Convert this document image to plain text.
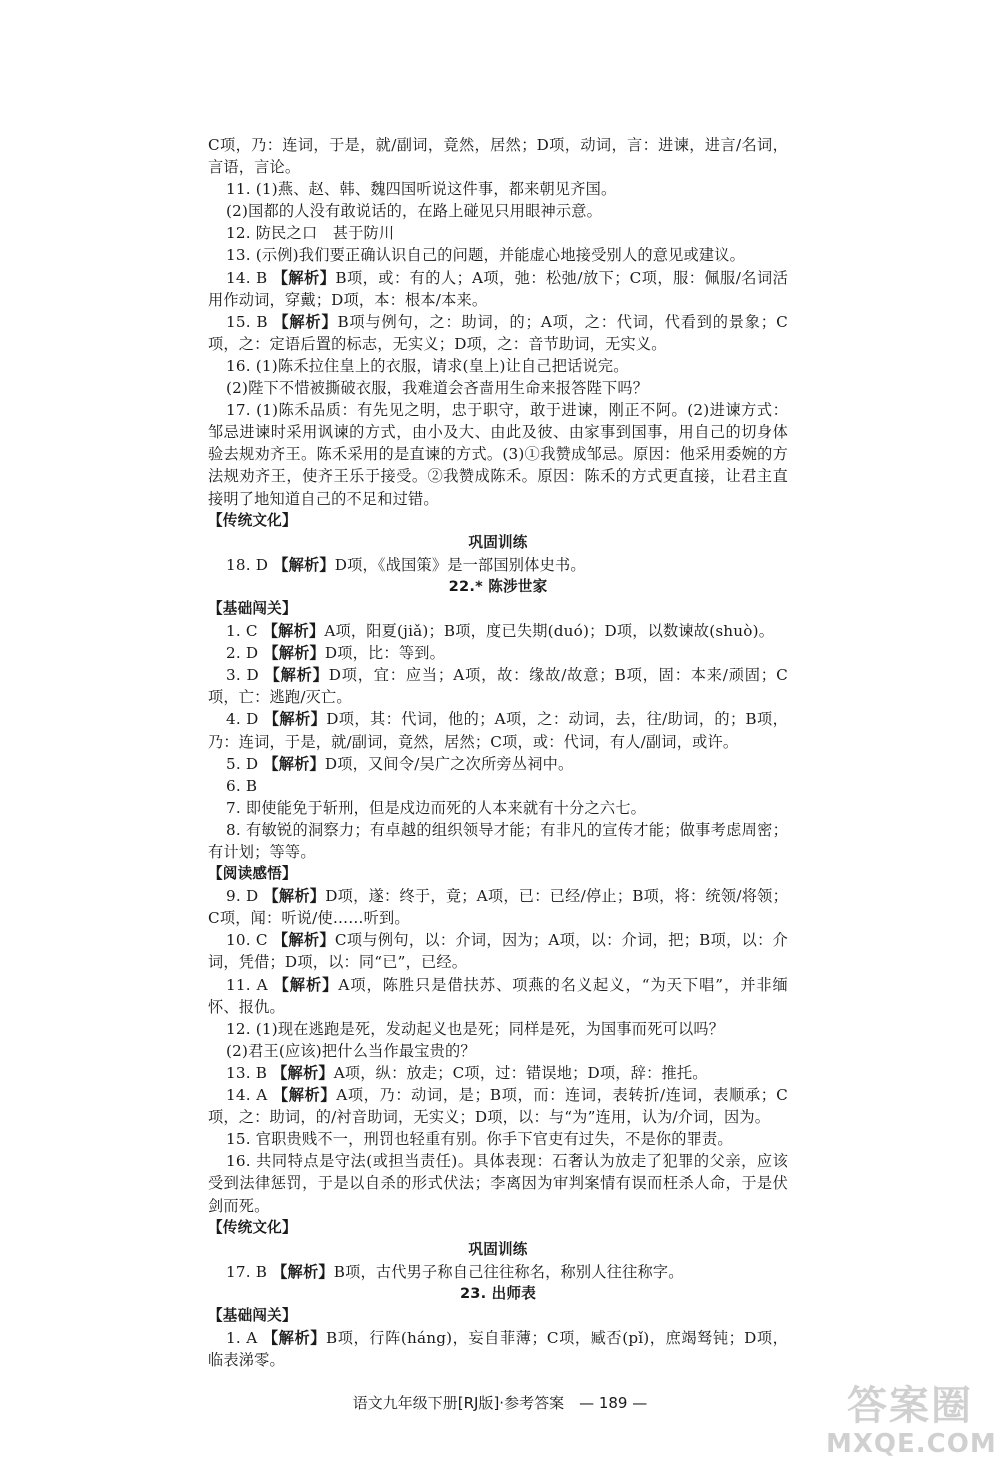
C项，乃：连词，于是，就/副词，竟然，居然；D项，动词，言：进谏，进言/名词，言语，言论。

11. (1)燕、赵、韩、魏四国听说这件事，都来朝见齐国。

(2)国都的人没有敢说话的，在路上碰见只用眼神示意。

12. 防民之口　甚于防川

13. (示例)我们要正确认识自己的问题，并能虚心地接受别人的意见或建议。

14. B 【解析】B项，或：有的人；A项，弛：松弛/放下；C项，服：佩服/名词活用作动词，穿戴；D项，本：根本/本来。

15. B 【解析】B项与例句，之：助词，的；A项，之：代词，代看到的景象；C项，之：定语后置的标志，无实义；D项，之：音节助词，无实义。

16. (1)陈禾拉住皇上的衣服，请求(皇上)让自己把话说完。

(2)陛下不惜被撕破衣服，我难道会吝啬用生命来报答陛下吗？

17. (1)陈禾品质：有先见之明，忠于职守，敢于进谏，刚正不阿。(2)进谏方式：邹忌进谏时采用讽谏的方式，由小及大、由此及彼、由家事到国事，用自己的切身体验去规劝齐王。陈禾采用的是直谏的方式。(3)①我赞成邹忌。原因：他采用委婉的方法规劝齐王，使齐王乐于接受。②我赞成陈禾。原因：陈禾的方式更直接，让君主直接明了地知道自己的不足和过错。

【传统文化】

巩固训练

18. D 【解析】D项，《战国策》是一部国别体史书。

22.* 陈涉世家

【基础闯关】

1. C 【解析】A项，阳夏(jiǎ)；B项，度已失期(duó)；D项，以数谏故(shuò)。

2. D 【解析】D项，比：等到。

3. D 【解析】D项，宜：应当；A项，故：缘故/故意；B项，固：本来/顽固；C项，亡：逃跑/灭亡。

4. D 【解析】D项，其：代词，他的；A项，之：动词，去，往/助词，的；B项，乃：连词，于是，就/副词，竟然，居然；C项，或：代词，有人/副词，或许。

5. D 【解析】D项，又间令/吴广之次所旁丛祠中。

6. B

7. 即使能免于斩刑，但是戍边而死的人本来就有十分之六七。

8. 有敏锐的洞察力；有卓越的组织领导才能；有非凡的宣传才能；做事考虑周密；有计划；等等。

【阅读感悟】

9. D 【解析】D项，遂：终于，竟；A项，已：已经/停止；B项，将：统领/将领；C项，闻：听说/使……听到。

10. C 【解析】C项与例句，以：介词，因为；A项，以：介词，把；B项，以：介词，凭借；D项，以：同“已”，已经。

11. A 【解析】A项，陈胜只是借扶苏、项燕的名义起义，“为天下唱”，并非缅怀、报仇。

12. (1)现在逃跑是死，发动起义也是死；同样是死，为国事而死可以吗？

(2)君王(应该)把什么当作最宝贵的？

13. B 【解析】A项，纵：放走；C项，过：错误地；D项，辞：推托。

14. A 【解析】A项，乃：动词，是；B项，而：连词，表转折/连词，表顺承；C项，之：助词，的/衬音助词，无实义；D项，以：与“为”连用，认为/介词，因为。

15. 官职贵贱不一，刑罚也轻重有别。你手下官吏有过失，不是你的罪责。

16. 共同特点是守法(或担当责任)。具体表现：石奢认为放走了犯罪的父亲，应该受到法律惩罚，于是以自杀的形式伏法；李离因为审判案情有误而枉杀人命，于是伏剑而死。

【传统文化】

巩固训练

17. B 【解析】B项，古代男子称自己往往称名，称别人往往称字。

23. 出师表

【基础闯关】

1. A 【解析】B项，行阵(háng)，妄自菲薄；C项，臧否(pǐ)，庶竭驽钝；D项，临表涕零。

语文九年级下册[RJ版]·参考答案　— 189 —	答案圈
MXQE.COM
